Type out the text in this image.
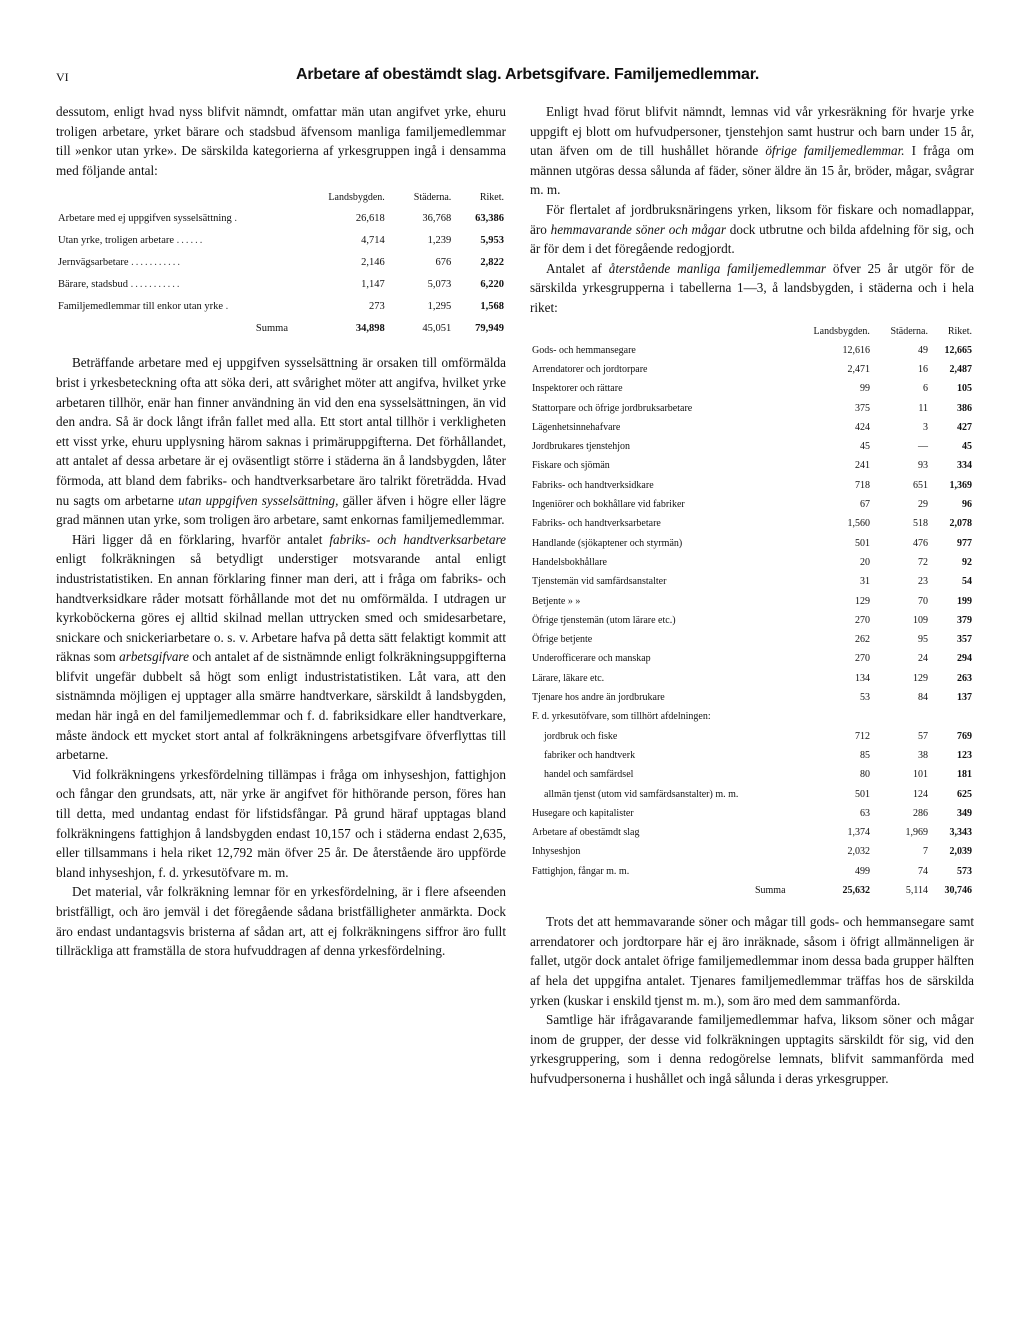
VI	Arbetare af obestämdt slag. Arbetsgifvare. Familjemedlemmar.

dessutom, enligt hvad nyss blifvit nämndt, omfattar män utan angifvet yrke, ehuru troligen arbetare, yrket bärare och stadsbud äfvensom manliga familjemedlemmar till »enkor utan yrke». De särskilda kategorierna af yrkesgruppen ingå i densamma med följande antal:

	Landsbygden.	Städerna.	Riket.
Arbetare med ej uppgifven sysselsättning .	26,618	36,768	63,386
Utan yrke, troligen arbetare ......	4,714	1,239	5,953
Jernvägsarbetare ...........	2,146	676	2,822
Bärare, stadsbud ...........	1,147	5,073	6,220
Familjemedlemmar till enkor utan yrke .	273	1,295	1,568
Summa	34,898	45,051	79,949

Beträffande arbetare med ej uppgifven sysselsättning är orsaken till omförmälda brist i yrkesbeteckning ofta att söka deri, att svårighet möter att angifva, hvilket yrke arbetaren tillhör, enär han finner användning än vid den ena sysselsättningen, än vid den andra. Så är dock långt ifrån fallet med alla. Ett stort antal tillhör i verkligheten ett visst yrke, ehuru upplysning härom saknas i primäruppgifterna. Det förhållandet, att antalet af dessa arbetare är ej oväsentligt större i städerna än å landsbygden, låter förmoda, att bland dem fabriks- och handtverksarbetare äro talrikt företrädda. Hvad nu sagts om arbetarne utan uppgifven sysselsättning, gäller äfven i högre eller lägre grad männen utan yrke, som troligen äro arbetare, samt enkornas familjemedlemmar.

Häri ligger då en förklaring, hvarför antalet fabriks- och handtverksarbetare enligt folkräkningen så betydligt understiger motsvarande antal enligt industristatistiken. En annan förklaring finner man deri, att i fråga om fabriks- och handtverksidkare råder motsatt förhållande mot det nu omförmälda. I utdragen ur kyrkoböckerna göres ej alltid skilnad mellan uttrycken smed och smidesarbetare, snickare och snickeriarbetare o. s. v. Arbetare hafva på detta sätt felaktigt kommit att räknas som arbetsgifvare och antalet af de sistnämnde enligt folkräkningsuppgifterna blifvit ungefär dubbelt så högt som enligt industristatistiken. Låt vara, att den sistnämnda möjligen ej upptager alla smärre handtverkare, särskildt å landsbygden, medan här ingå en del familjemedlemmar och f. d. fabriksidkare eller handtverkare, måste ändock ett mycket stort antal af folkräkningens arbetsgifvare öfverflyttas till arbetarne.

Vid folkräkningens yrkesfördelning tillämpas i fråga om inhyseshjon, fattighjon och fångar den grundsats, att, när yrke är angifvet för hithörande person, föres han till detta, med undantag endast för lifstidsfångar. På grund häraf upptagas bland folkräkningens fattighjon å landsbygden endast 10,157 och i städerna endast 2,635, eller tillsammans i hela riket 12,792 män öfver 25 år. De återstående äro uppförde bland inhyseshjon, f. d. yrkesutöfvare m. m.

Det material, vår folkräkning lemnar för en yrkesfördelning, är i flere afseenden bristfälligt, och äro jemväl i det föregående sådana bristfälligheter anmärkta. Dock äro endast undantagsvis bristerna af sådan art, att ej folkräkningens siffror äro fullt tillräckliga att framställa de stora hufvuddragen af denna yrkesfördelning.

Enligt hvad förut blifvit nämndt, lemnas vid vår yrkesräkning för hvarje yrke uppgift ej blott om hufvudpersoner, tjenstehjon samt hustrur och barn under 15 år, utan äfven om de till hushållet hörande öfrige familjemedlemmar. I fråga om männen utgöras dessa sålunda af fäder, söner äldre än 15 år, bröder, mågar, svågrar m. m.

För flertalet af jordbruksnäringens yrken, liksom för fiskare och nomadlappar, äro hemmavarande söner och mågar dock utbrutne och bilda afdelning för sig, och är för dem i det föregående redogjordt.

Antalet af återstående manliga familjemedlemmar öfver 25 år utgör för de särskilda yrkesgrupperna i tabellerna 1—3, å landsbygden, i städerna och i hela riket:

	Landsbygden.	Städerna.	Riket.
Gods- och hemmansegare	12,616	49	12,665
Arrendatorer och jordtorpare	2,471	16	2,487
Inspektorer och rättare	99	6	105
Stattorpare och öfrige jordbruksarbetare	375	11	386
Lägenhetsinnehafvare	424	3	427
Jordbrukares tjenstehjon	45	—	45
Fiskare och sjömän	241	93	334
Fabriks- och handtverksidkare	718	651	1,369
Ingeniörer och bokhållare vid fabriker	67	29	96
Fabriks- och handtverksarbetare	1,560	518	2,078
Handlande (sjökaptener och styrmän)	501	476	977
Handelsbokhållare	20	72	92
Tjenstemän vid samfärdsanstalter	31	23	54
Betjente » »	129	70	199
Öfrige tjenstemän (utom lärare etc.)	270	109	379
Öfrige betjente	262	95	357
Underofficerare och manskap	270	24	294
Lärare, läkare etc.	134	129	263
Tjenare hos andre än jordbrukare	53	84	137
F. d. yrkesutöfvare, som tillhört afdelningen:			
jordbruk och fiske	712	57	769
fabriker och handtverk	85	38	123
handel och samfärdsel	80	101	181
allmän tjenst (utom vid samfärdsanstalter) m. m.	501	124	625
Husegare och kapitalister	63	286	349
Arbetare af obestämdt slag	1,374	1,969	3,343
Inhyseshjon	2,032	7	2,039
Fattighjon, fångar m. m.	499	74	573
Summa	25,632	5,114	30,746

Trots det att hemmavarande söner och mågar till gods- och hemmansegare samt arrendatorer och jordtorpare här ej äro inräknade, såsom i öfrigt allmänneligen är fallet, utgör dock antalet öfrige familjemedlemmar inom dessa bada grupper hälften af hela det uppgifna antalet. Tjenares familjemedlemmar träffas hos de särskilda yrken (kuskar i enskild tjenst m. m.), som äro med dem sammanförda.

Samtlige här ifrågavarande familjemedlemmar hafva, liksom söner och mågar inom de grupper, der desse vid folkräkningen upptagits särskildt för sig, vid den yrkesgruppering, som i denna redogörelse lemnats, blifvit sammanförda med hufvudpersonerna i hushållet och ingå sålunda i deras yrkesgrupper.
